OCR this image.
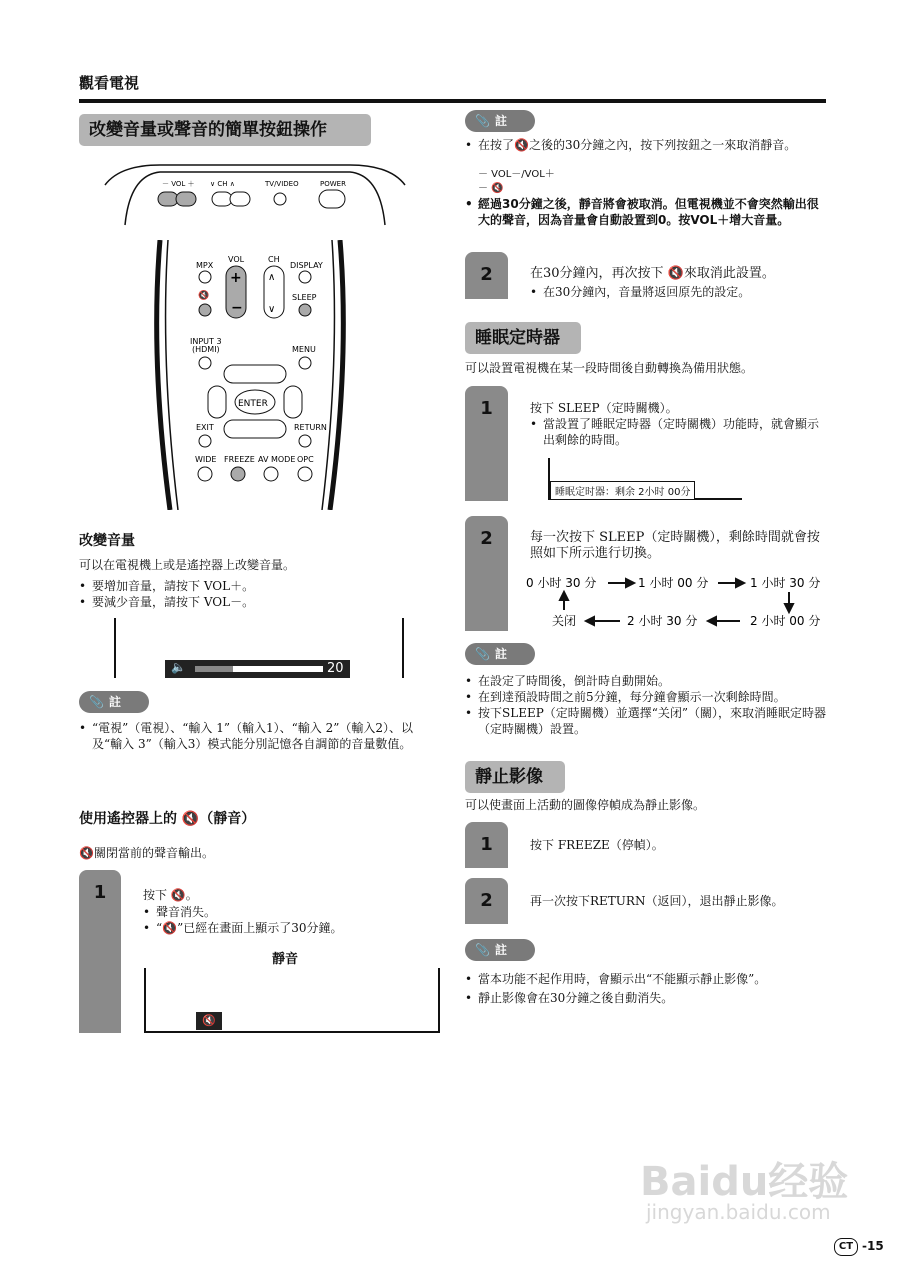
觀看電視
改變音量或聲音的簡單按鈕操作
－ VOL ＋ ∨ CH ∧	TV/VIDEO	POWER
MPX
VOL	CH
DISPLAY
+
−
∧
∨
🔇	SLEEP
INPUT 3
(HDMI)	MENU
ENTER
EXIT	RETURN
WIDE FREEZE AV MODE OPC
改變音量
可以在電視機上或是遙控器上改變音量。
• 要增加音量，請按下 VOL＋。
• 要減少音量，請按下 VOL－。
🔈	20
📎 註
• “電視”（電視）、“輸入 1”（輸入1）、“輸入 2”（輸入2）、以及“輸入 3”（輸入3）模式能分別記憶各自調節的音量數值。
使用遙控器上的 🔇（靜音）
🔇關閉當前的聲音輸出。
1	按下 🔇。
• 聲音消失。
• “🔇”已經在畫面上顯示了30分鐘。
靜音
🔇
📎 註
• 在按了🔇之後的30分鐘之內，按下列按鈕之一來取消靜音。
－ VOL－/VOL＋
－ 🔇
• 經過30分鐘之後，靜音將會被取消。但電視機並不會突然輸出很大的聲音，因為音量會自動設置到0。按VOL＋增大音量。
2	在30分鐘內，再次按下 🔇來取消此設置。
• 在30分鐘內，音量將返回原先的設定。
睡眠定時器
可以設置電視機在某一段時間後自動轉換為備用狀態。
1	按下 SLEEP（定時關機）。
• 當設置了睡眠定時器（定時關機）功能時，就會顯示出剩餘的時間。
睡眠定时器：剩余 2小时 00分
2	每一次按下 SLEEP（定時關機），剩餘時間就會按照如下所示進行切換。
0 小时 30 分	1 小时 00 分	1 小时 30 分
2 小时 00 分
2 小时 30 分
关闭
📎 註
• 在設定了時間後，倒計時自動開始。
• 在到達預設時間之前5分鐘，每分鐘會顯示一次剩餘時間。
• 按下SLEEP（定時關機）並選擇“关闭”（關），來取消睡眠定時器（定時關機）設置。
靜止影像
可以使畫面上活動的圖像停幀成為靜止影像。
1	按下 FREEZE（停幀）。
2	再一次按下RETURN（返回），退出靜止影像。
📎 註
• 當本功能不起作用時，會顯示出“不能顯示靜止影像”。
• 靜止影像會在30分鐘之後自動消失。
Baidu经验
jingyan.baidu.com
CT -15
